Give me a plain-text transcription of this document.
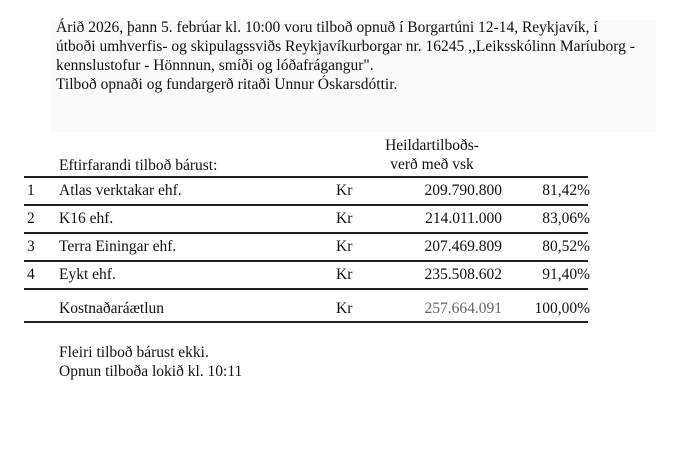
Árið 2026, þann 5. febrúar kl. 10:00 voru tilboð opnuð í Borgartúni 12-14, Reykjavík, í
útboði umhverfis- og skipulagssviðs Reykjavíkurborgar nr. 16245 ,,Leiksskólinn Maríuborg -
kennslustofur - Hönnnun, smíði og lóðafrágangur".
Tilboð opnaði og fundargerð ritaði Unnur Óskarsdóttir.
Heildartilboðs-
verð með vsk
Eftirfarandi tilboð bárust:
1 Atlas verktakar ehf.	Kr	209.790.800	81,42%
2 K16 ehf.	Kr	214.011.000	83,06%
3 Terra Einingar ehf.	Kr	207.469.809	80,52%
4 Eykt ehf.	Kr	235.508.602	91,40%
Kostnaðaráætlun	Kr	257.664.091	100,00%
Fleiri tilboð bárust ekki.
Opnun tilboða lokið kl. 10:11
